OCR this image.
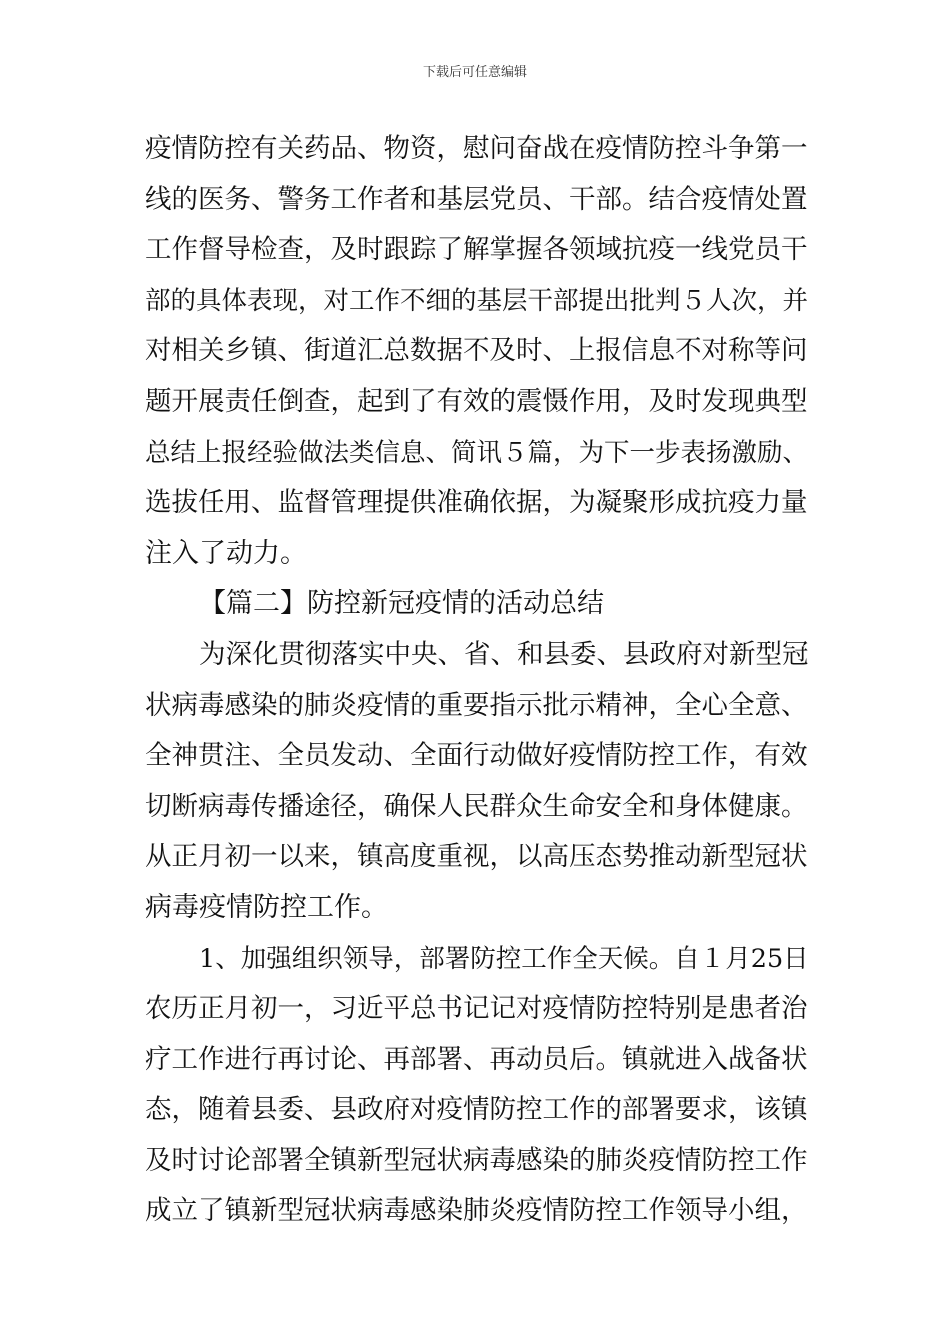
下载后可任意编辑
疫情防控有关药品、物资，慰问奋战在疫情防控斗争第一
线的医务、警务工作者和基层党员、干部。结合疫情处置
工作督导检查，及时跟踪了解掌握各领域抗疫一线党员干
部的具体表现，对工作不细的基层干部提出批判５人次，并
对相关乡镇、街道汇总数据不及时、上报信息不对称等问
题开展责任倒查，起到了有效的震慑作用，及时发现典型
总结上报经验做法类信息、简讯５篇，为下一步表扬激励、
选拔任用、监督管理提供准确依据，为凝聚形成抗疫力量
注入了动力。
【篇二】防控新冠疫情的活动总结
为深化贯彻落实中央、省、和县委、县政府对新型冠
状病毒感染的肺炎疫情的重要指示批示精神，全心全意、
全神贯注、全员发动、全面行动做好疫情防控工作，有效
切断病毒传播途径，确保人民群众生命安全和身体健康。
从正月初一以来，镇高度重视，以高压态势推动新型冠状
病毒疫情防控工作。
1、加强组织领导，部署防控工作全天候。自１月25日
农历正月初一，习近平总书记记对疫情防控特别是患者治
疗工作进行再讨论、再部署、再动员后。镇就进入战备状
态，随着县委、县政府对疫情防控工作的部署要求，该镇
及时讨论部署全镇新型冠状病毒感染的肺炎疫情防控工作
成立了镇新型冠状病毒感染肺炎疫情防控工作领导小组，
